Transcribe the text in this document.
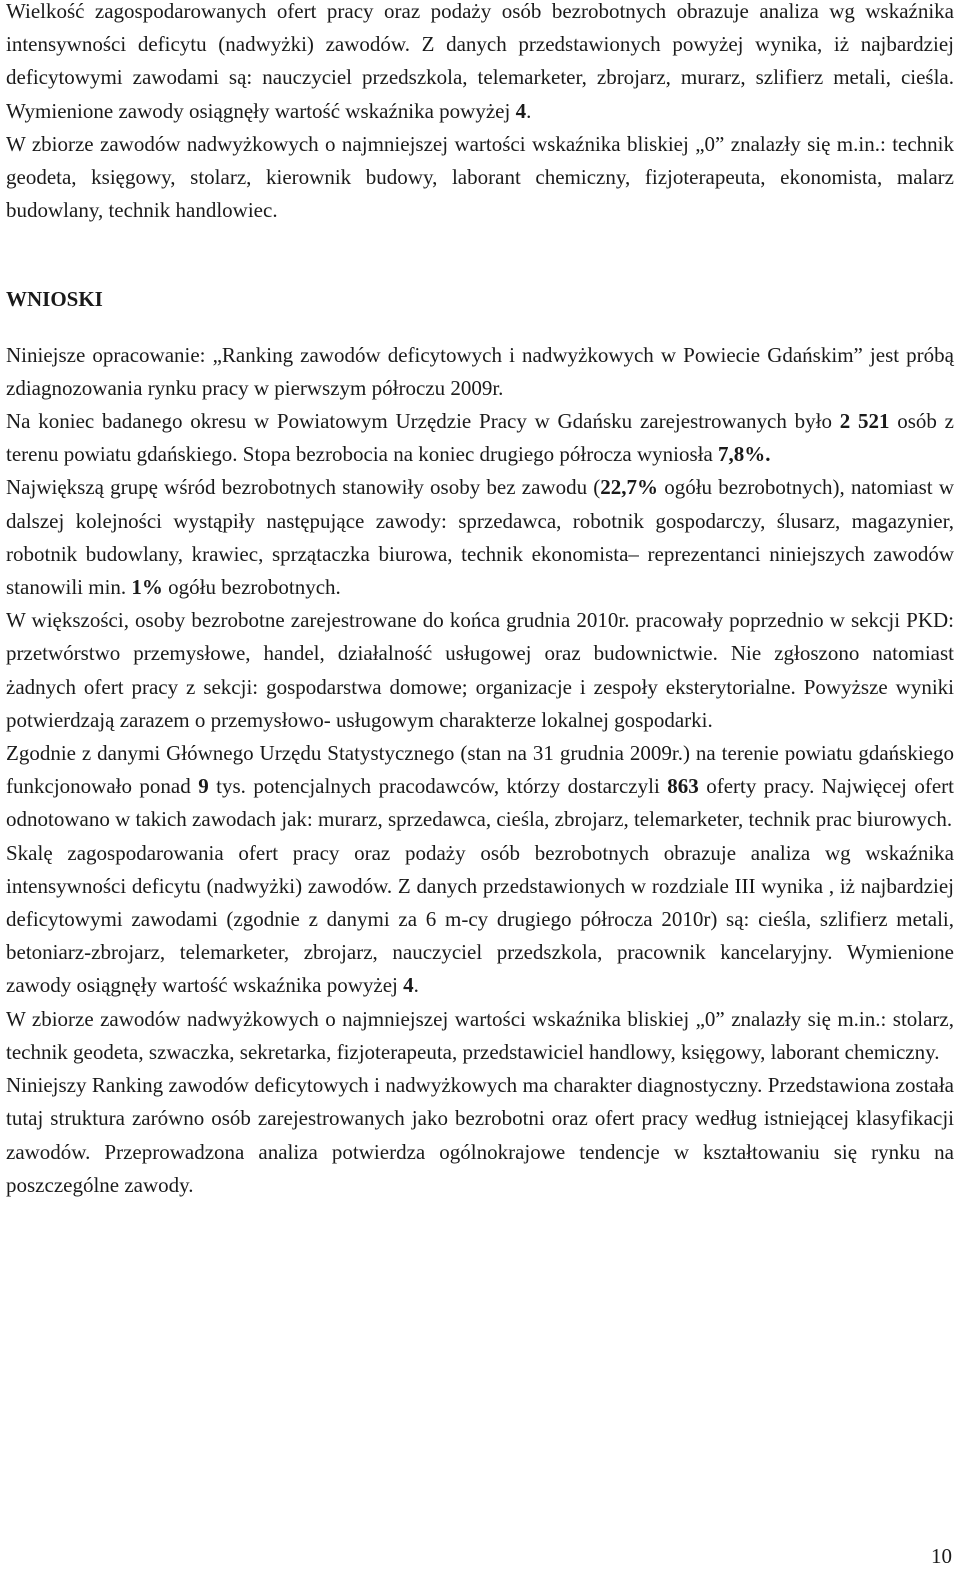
Wielkość zagospodarowanych ofert pracy oraz podaży osób bezrobotnych obrazuje analiza wg wskaźnika intensywności deficytu (nadwyżki) zawodów. Z danych przedstawionych powyżej wynika, iż najbardziej deficytowymi zawodami są: nauczyciel przedszkola, telemarketer, zbrojarz, murarz, szlifierz metali, cieśla. Wymienione zawody osiągnęły wartość wskaźnika powyżej 4.

W zbiorze zawodów nadwyżkowych o najmniejszej wartości wskaźnika bliskiej „0” znalazły się m.in.: technik geodeta, księgowy, stolarz, kierownik budowy, laborant chemiczny, fizjoterapeuta, ekonomista, malarz budowlany, technik handlowiec.

WNIOSKI

Niniejsze opracowanie: „Ranking zawodów deficytowych i nadwyżkowych w Powiecie Gdańskim” jest próbą zdiagnozowania rynku pracy w pierwszym półroczu 2009r.

Na koniec badanego okresu w Powiatowym Urzędzie Pracy w Gdańsku zarejestrowanych było 2 521 osób z terenu powiatu gdańskiego. Stopa bezrobocia na koniec drugiego półrocza wyniosła 7,8%.

Największą grupę wśród bezrobotnych stanowiły osoby bez zawodu (22,7% ogółu bezrobotnych), natomiast w dalszej kolejności wystąpiły następujące zawody: sprzedawca, robotnik gospodarczy, ślusarz, magazynier, robotnik budowlany, krawiec, sprzątaczka biurowa, technik ekonomista– reprezentanci niniejszych zawodów stanowili min. 1% ogółu bezrobotnych.

W większości, osoby bezrobotne zarejestrowane do końca grudnia 2010r. pracowały poprzednio w sekcji PKD: przetwórstwo przemysłowe, handel, działalność usługowej oraz budownictwie. Nie zgłoszono natomiast żadnych ofert pracy z sekcji: gospodarstwa domowe; organizacje i zespoły eksterytorialne. Powyższe wyniki potwierdzają zarazem o przemysłowo- usługowym charakterze lokalnej gospodarki.

Zgodnie z danymi Głównego Urzędu Statystycznego (stan na 31 grudnia 2009r.) na terenie powiatu gdańskiego funkcjonowało ponad 9 tys. potencjalnych pracodawców, którzy dostarczyli 863 oferty pracy. Najwięcej ofert odnotowano w takich zawodach jak: murarz, sprzedawca, cieśla, zbrojarz, telemarketer, technik prac biurowych.

Skalę zagospodarowania ofert pracy oraz podaży osób bezrobotnych obrazuje analiza wg wskaźnika intensywności deficytu (nadwyżki) zawodów. Z danych przedstawionych w rozdziale III wynika , iż najbardziej deficytowymi zawodami (zgodnie z danymi za 6 m-cy drugiego półrocza 2010r) są: cieśla, szlifierz metali, betoniarz-zbrojarz, telemarketer, zbrojarz, nauczyciel przedszkola, pracownik kancelaryjny. Wymienione zawody osiągnęły wartość wskaźnika powyżej 4.

W zbiorze zawodów nadwyżkowych o najmniejszej wartości wskaźnika bliskiej „0” znalazły się m.in.: stolarz, technik geodeta, szwaczka, sekretarka, fizjoterapeuta, przedstawiciel handlowy, księgowy, laborant chemiczny.

Niniejszy Ranking zawodów deficytowych i nadwyżkowych ma charakter diagnostyczny. Przedstawiona została tutaj struktura zarówno osób zarejestrowanych jako bezrobotni oraz ofert pracy według istniejącej klasyfikacji zawodów. Przeprowadzona analiza potwierdza ogólnokrajowe tendencje w kształtowaniu się rynku na poszczególne zawody.

10
